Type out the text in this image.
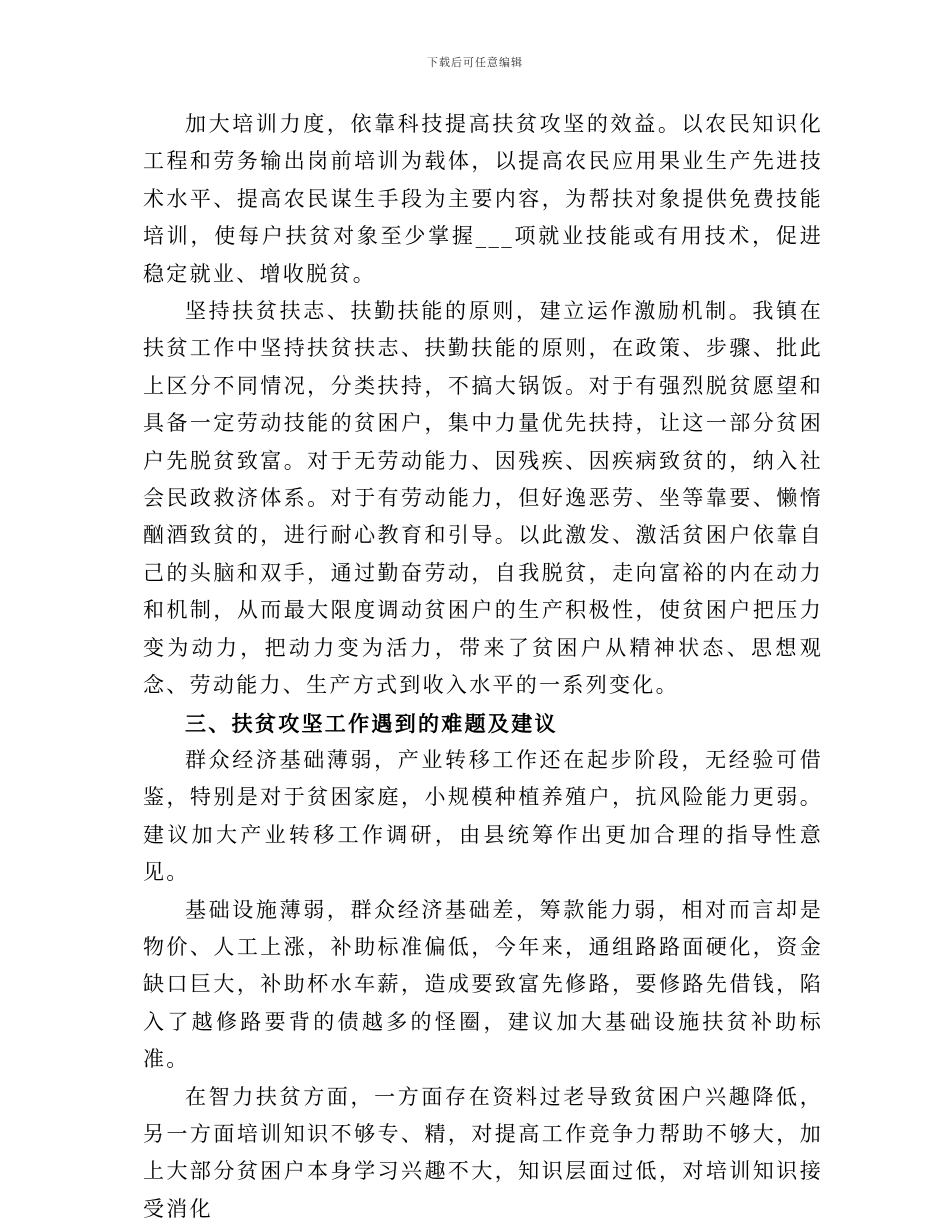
下载后可任意编辑

加大培训力度，依靠科技提高扶贫攻坚的效益。以农民知识化工程和劳务输出岗前培训为载体，以提高农民应用果业生产先进技术水平、提高农民谋生手段为主要内容，为帮扶对象提供免费技能培训，使每户扶贫对象至少掌握___项就业技能或有用技术，促进稳定就业、增收脱贫。

坚持扶贫扶志、扶勤扶能的原则，建立运作激励机制。我镇在扶贫工作中坚持扶贫扶志、扶勤扶能的原则，在政策、步骤、批此上区分不同情况，分类扶持，不搞大锅饭。对于有强烈脱贫愿望和具备一定劳动技能的贫困户，集中力量优先扶持，让这一部分贫困户先脱贫致富。对于无劳动能力、因残疾、因疾病致贫的，纳入社会民政救济体系。对于有劳动能力，但好逸恶劳、坐等靠要、懒惰酗酒致贫的，进行耐心教育和引导。以此激发、激活贫困户依靠自己的头脑和双手，通过勤奋劳动，自我脱贫，走向富裕的内在动力和机制，从而最大限度调动贫困户的生产积极性，使贫困户把压力变为动力，把动力变为活力，带来了贫困户从精神状态、思想观念、劳动能力、生产方式到收入水平的一系列变化。

三、扶贫攻坚工作遇到的难题及建议

群众经济基础薄弱，产业转移工作还在起步阶段，无经验可借鉴，特别是对于贫困家庭，小规模种植养殖户，抗风险能力更弱。建议加大产业转移工作调研，由县统筹作出更加合理的指导性意见。

基础设施薄弱，群众经济基础差，筹款能力弱，相对而言却是物价、人工上涨，补助标准偏低，今年来，通组路路面硬化，资金缺口巨大，补助杯水车薪，造成要致富先修路，要修路先借钱，陷入了越修路要背的债越多的怪圈，建议加大基础设施扶贫补助标准。

在智力扶贫方面，一方面存在资料过老导致贫困户兴趣降低，另一方面培训知识不够专、精，对提高工作竞争力帮助不够大，加上大部分贫困户本身学习兴趣不大，知识层面过低，对培训知识接受消化
